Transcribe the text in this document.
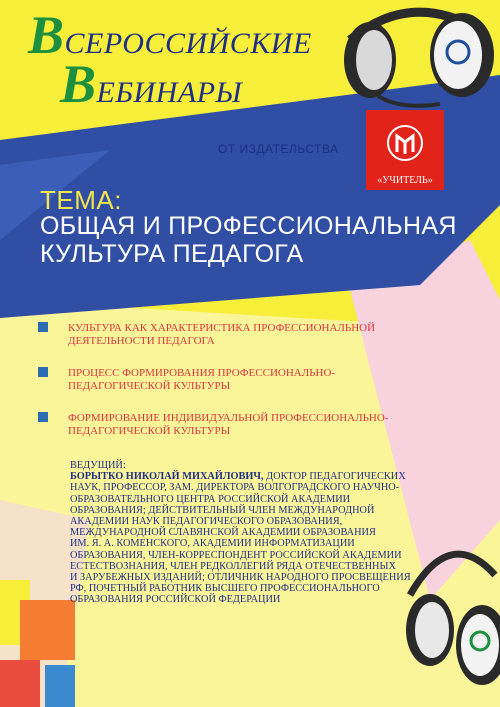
ВСЕРОССИЙСКИЕ
ВЕБИНАРЫ
ОТ ИЗДАТЕЛЬСТВА
«УЧИТЕЛЬ»
ТЕМА:
ОБЩАЯ И ПРОФЕССИОНАЛЬНАЯ
КУЛЬТУРА ПЕДАГОГА
КУЛЬТУРА КАК ХАРАКТЕРИСТИКА ПРОФЕССИОНАЛЬНОЙ
ДЕЯТЕЛЬНОСТИ ПЕДАГОГА
ПРОЦЕСС ФОРМИРОВАНИЯ ПРОФЕССИОНАЛЬНО-
ПЕДАГОГИЧЕСКОЙ КУЛЬТУРЫ
ФОРМИРОВАНИЕ ИНДИВИДУАЛЬНОЙ ПРОФЕССИОНАЛЬНО-
ПЕДАГОГИЧЕСКОЙ КУЛЬТУРЫ
ВЕДУЩИЙ:
БОРЫТКО НИКОЛАЙ МИХАЙЛОВИЧ, ДОКТОР ПЕДАГОГИЧЕСКИХ
НАУК, ПРОФЕССОР, ЗАМ. ДИРЕКТОРА ВОЛГОГРАДСКОГО НАУЧНО-
ОБРАЗОВАТЕЛЬНОГО ЦЕНТРА РОССИЙСКОЙ АКАДЕМИИ
ОБРАЗОВАНИЯ; ДЕЙСТВИТЕЛЬНЫЙ ЧЛЕН МЕЖДУНАРОДНОЙ
АКАДЕМИИ НАУК ПЕДАГОГИЧЕСКОГО ОБРАЗОВАНИЯ,
МЕЖДУНАРОДНОЙ СЛАВЯНСКОЙ АКАДЕМИИ ОБРАЗОВАНИЯ
ИМ. Я. А. КОМЕНСКОГО, АКАДЕМИИ ИНФОРМАТИЗАЦИИ
ОБРАЗОВАНИЯ, ЧЛЕН-КОРРЕСПОНДЕНТ РОССИЙСКОЙ АКАДЕМИИ
ЕСТЕСТВОЗНАНИЯ, ЧЛЕН РЕДКОЛЛЕГИЙ РЯДА ОТЕЧЕСТВЕННЫХ
И ЗАРУБЕЖНЫХ ИЗДАНИЙ; ОТЛИЧНИК НАРОДНОГО ПРОСВЕЩЕНИЯ
РФ, ПОЧЕТНЫЙ РАБОТНИК ВЫСШЕГО ПРОФЕССИОНАЛЬНОГО
ОБРАЗОВАНИЯ РОССИЙСКОЙ ФЕДЕРАЦИИ
